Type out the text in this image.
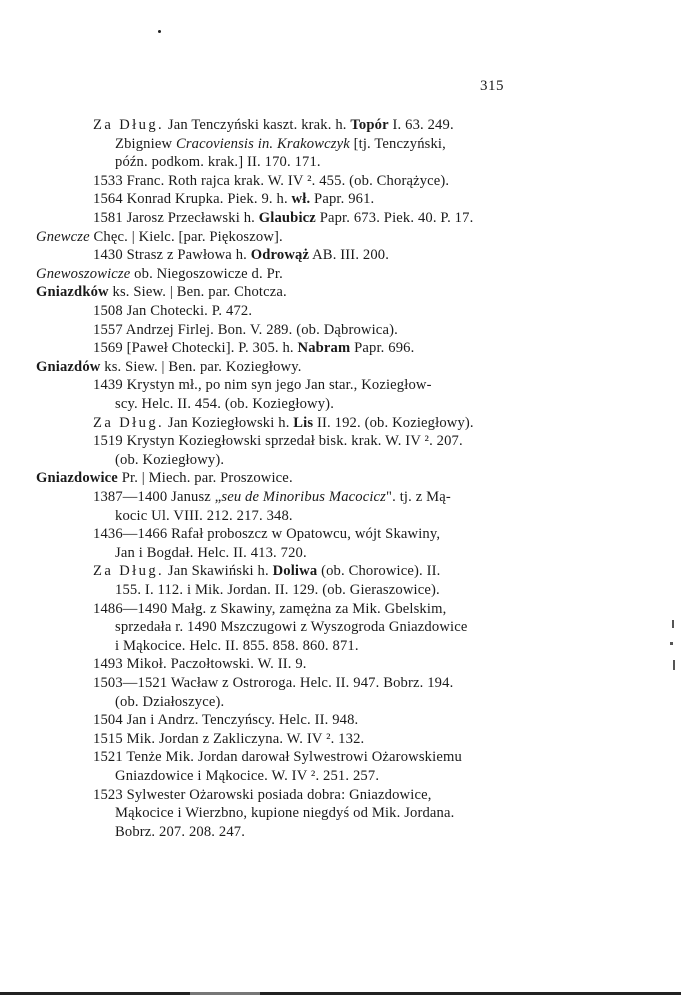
315
Za Dług. Jan Tenczyński kaszt. krak. h. Topór I. 63. 249.
Zbigniew Cracoviensis in. Krakowczyk [tj. Tenczyński,
późn. podkom. krak.] II. 170. 171.
1533 Franc. Roth rajca krak. W. IV ². 455. (ob. Chorążyce).
1564 Konrad Krupka. Piek. 9. h. wł. Papr. 961.
1581 Jarosz Przecławski h. Glaubicz Papr. 673. Piek. 40. P. 17.
Gnewcze Chęc. | Kielc. [par. Piękoszow].
1430 Strasz z Pawłowa h. Odrowąż AB. III. 200.
Gnewoszowicze ob. Niegoszowicze d. Pr.
Gniazdków ks. Siew. | Ben. par. Chotcza.
1508 Jan Chotecki. P. 472.
1557 Andrzej Firlej. Bon. V. 289. (ob. Dąbrowica).
1569 [Paweł Chotecki]. P. 305. h. Nabram Papr. 696.
Gniazdów ks. Siew. | Ben. par. Koziegłowy.
1439 Krystyn mł., po nim syn jego Jan star., Koziegłow-
scy. Helc. II. 454. (ob. Koziegłowy).
Za Dług. Jan Koziegłowski h. Lis II. 192. (ob. Koziegłowy).
1519 Krystyn Koziegłowski sprzedał bisk. krak. W. IV ². 207.
(ob. Koziegłowy).
Gniazdowice Pr. | Miech. par. Proszowice.
1387—1400 Janusz „seu de Minoribus Macocicz". tj. z Mą-
kocic Ul. VIII. 212. 217. 348.
1436—1466 Rafał proboszcz w Opatowcu, wójt Skawiny,
Jan i Bogdał. Helc. II. 413. 720.
Za Dług. Jan Skawiński h. Doliwa (ob. Chorowice). II.
155. I. 112. i Mik. Jordan. II. 129. (ob. Gieraszowice).
1486—1490 Małg. z Skawiny, zamężna za Mik. Gbelskim,
sprzedała r. 1490 Mszczugowi z Wyszogroda Gniazdowice
i Mąkocice. Helc. II. 855. 858. 860. 871.
1493 Mikoł. Paczołtowski. W. II. 9.
1503—1521 Wacław z Ostroroga. Helc. II. 947. Bobrz. 194.
(ob. Działoszyce).
1504 Jan i Andrz. Tenczyńscy. Helc. II. 948.
1515 Mik. Jordan z Zakliczyna. W. IV ². 132.
1521 Tenże Mik. Jordan darował Sylwestrowi Ożarowskiemu
Gniazdowice i Mąkocice. W. IV ². 251. 257.
1523 Sylwester Ożarowski posiada dobra: Gniazdowice,
Mąkocice i Wierzbno, kupione niegdyś od Mik. Jordana.
Bobrz. 207. 208. 247.
